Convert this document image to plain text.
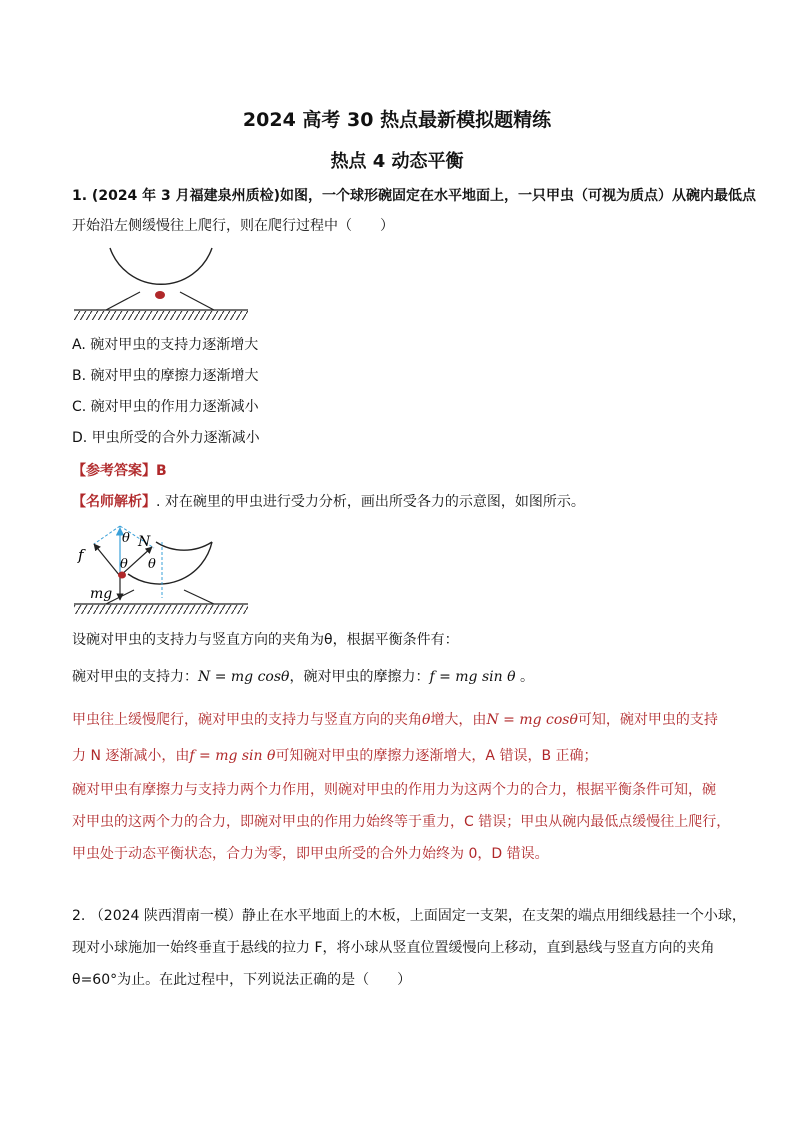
2024 高考 30 热点最新模拟题精练
热点 4 动态平衡
1. (2024 年 3 月福建泉州质检)如图，一个球形碗固定在水平地面上，一只甲虫（可视为质点）从碗内最低点
开始沿左侧缓慢往上爬行，则在爬行过程中（　　）
A. 碗对甲虫的支持力逐渐增大
B. 碗对甲虫的摩擦力逐渐增大
C. 碗对甲虫的作用力逐渐减小
D. 甲虫所受的合外力逐渐减小
【参考答案】B
【名师解析】. 对在碗里的甲虫进行受力分析，画出所受各力的示意图，如图所示。
f
θ
θ
N
θ
mg
设碗对甲虫的支持力与竖直方向的夹角为θ，根据平衡条件有：
碗对甲虫的支持力：N = mg cosθ，碗对甲虫的摩擦力：f = mg sin θ 。
甲虫往上缓慢爬行，碗对甲虫的支持力与竖直方向的夹角θ增大，由N = mg cosθ可知，碗对甲虫的支持
力 N 逐渐减小，由f = mg sin θ可知碗对甲虫的摩擦力逐渐增大，A 错误，B 正确；
碗对甲虫有摩擦力与支持力两个力作用，则碗对甲虫的作用力为这两个力的合力，根据平衡条件可知，碗
对甲虫的这两个力的合力，即碗对甲虫的作用力始终等于重力，C 错误；甲虫从碗内最低点缓慢往上爬行，
甲虫处于动态平衡状态，合力为零，即甲虫所受的合外力始终为 0，D 错误。
2. （2024 陕西渭南一模）静止在水平地面上的木板，上面固定一支架，在支架的端点用细线悬挂一个小球，
现对小球施加一始终垂直于悬线的拉力 F，将小球从竖直位置缓慢向上移动，直到悬线与竖直方向的夹角
θ=60°为止。在此过程中，下列说法正确的是（　　）
